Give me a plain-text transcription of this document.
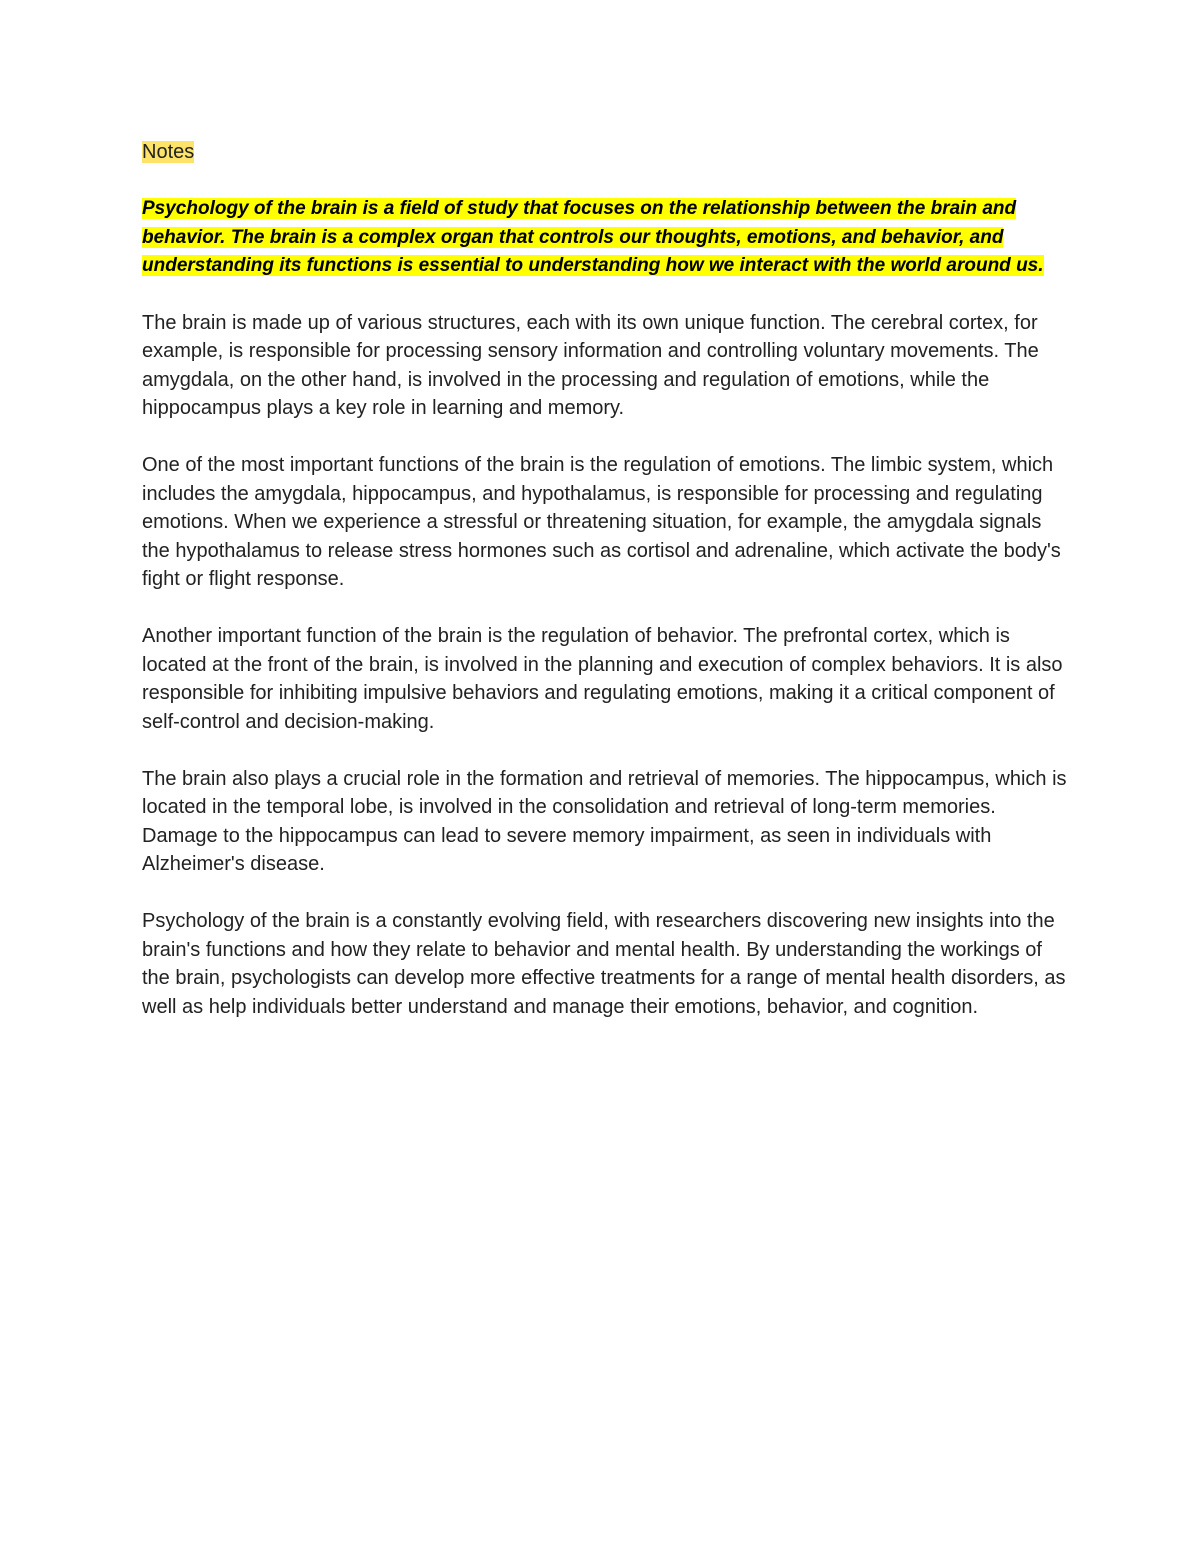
Notes
Psychology of the brain is a field of study that focuses on the relationship between the brain and behavior. The brain is a complex organ that controls our thoughts, emotions, and behavior, and understanding its functions is essential to understanding how we interact with the world around us.

The brain is made up of various structures, each with its own unique function. The cerebral cortex, for example, is responsible for processing sensory information and controlling voluntary movements. The amygdala, on the other hand, is involved in the processing and regulation of emotions, while the hippocampus plays a key role in learning and memory.

One of the most important functions of the brain is the regulation of emotions. The limbic system, which includes the amygdala, hippocampus, and hypothalamus, is responsible for processing and regulating emotions. When we experience a stressful or threatening situation, for example, the amygdala signals the hypothalamus to release stress hormones such as cortisol and adrenaline, which activate the body's fight or flight response.

Another important function of the brain is the regulation of behavior. The prefrontal cortex, which is located at the front of the brain, is involved in the planning and execution of complex behaviors. It is also responsible for inhibiting impulsive behaviors and regulating emotions, making it a critical component of self-control and decision-making.

The brain also plays a crucial role in the formation and retrieval of memories. The hippocampus, which is located in the temporal lobe, is involved in the consolidation and retrieval of long-term memories. Damage to the hippocampus can lead to severe memory impairment, as seen in individuals with Alzheimer's disease.

Psychology of the brain is a constantly evolving field, with researchers discovering new insights into the brain's functions and how they relate to behavior and mental health. By understanding the workings of the brain, psychologists can develop more effective treatments for a range of mental health disorders, as well as help individuals better understand and manage their emotions, behavior, and cognition.
